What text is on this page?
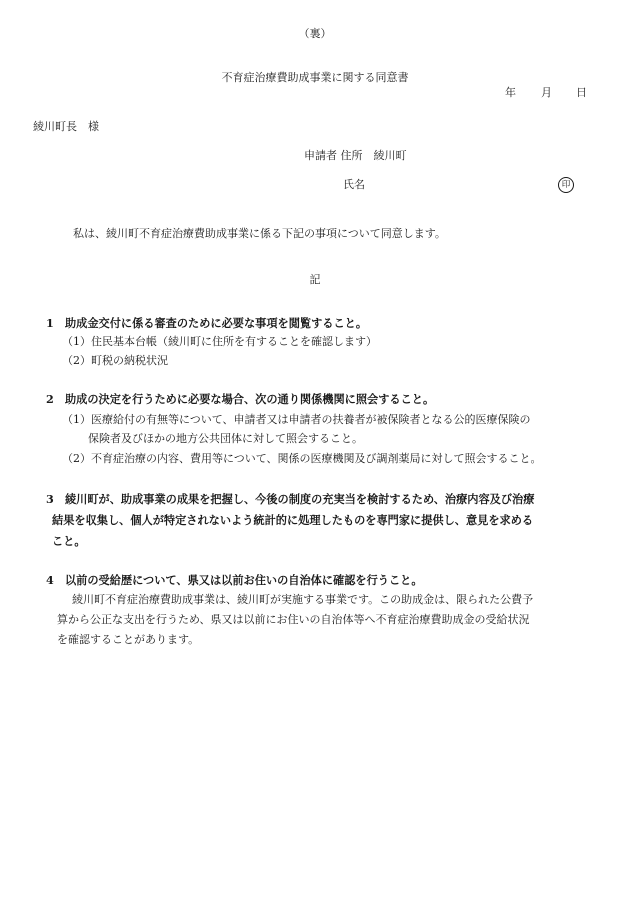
（裏）
不育症治療費助成事業に関する同意書
年 月 日
綾川町長　様
申請者 住所　綾川町
氏名	印
私は、綾川町不育症治療費助成事業に係る下記の事項について同意します。
記
1　助成金交付に係る審査のために必要な事項を閲覧すること。
（1）住民基本台帳（綾川町に住所を有することを確認します）
（2）町税の納税状況
2　助成の決定を行うために必要な場合、次の通り関係機関に照会すること。
（1）医療給付の有無等について、申請者又は申請者の扶養者が被保険者となる公的医療保険の
保険者及びほかの地方公共団体に対して照会すること。
（2）不育症治療の内容、費用等について、関係の医療機関及び調剤薬局に対して照会すること。
3　綾川町が、助成事業の成果を把握し、今後の制度の充実当を検討するため、治療内容及び治療
結果を収集し、個人が特定されないよう統計的に処理したものを専門家に提供し、意見を求める
こと。
4　以前の受給歴について、県又は以前お住いの自治体に確認を行うこと。
綾川町不育症治療費助成事業は、綾川町が実施する事業です。この助成金は、限られた公費予
算から公正な支出を行うため、県又は以前にお住いの自治体等へ不育症治療費助成金の受給状況
を確認することがあります。
